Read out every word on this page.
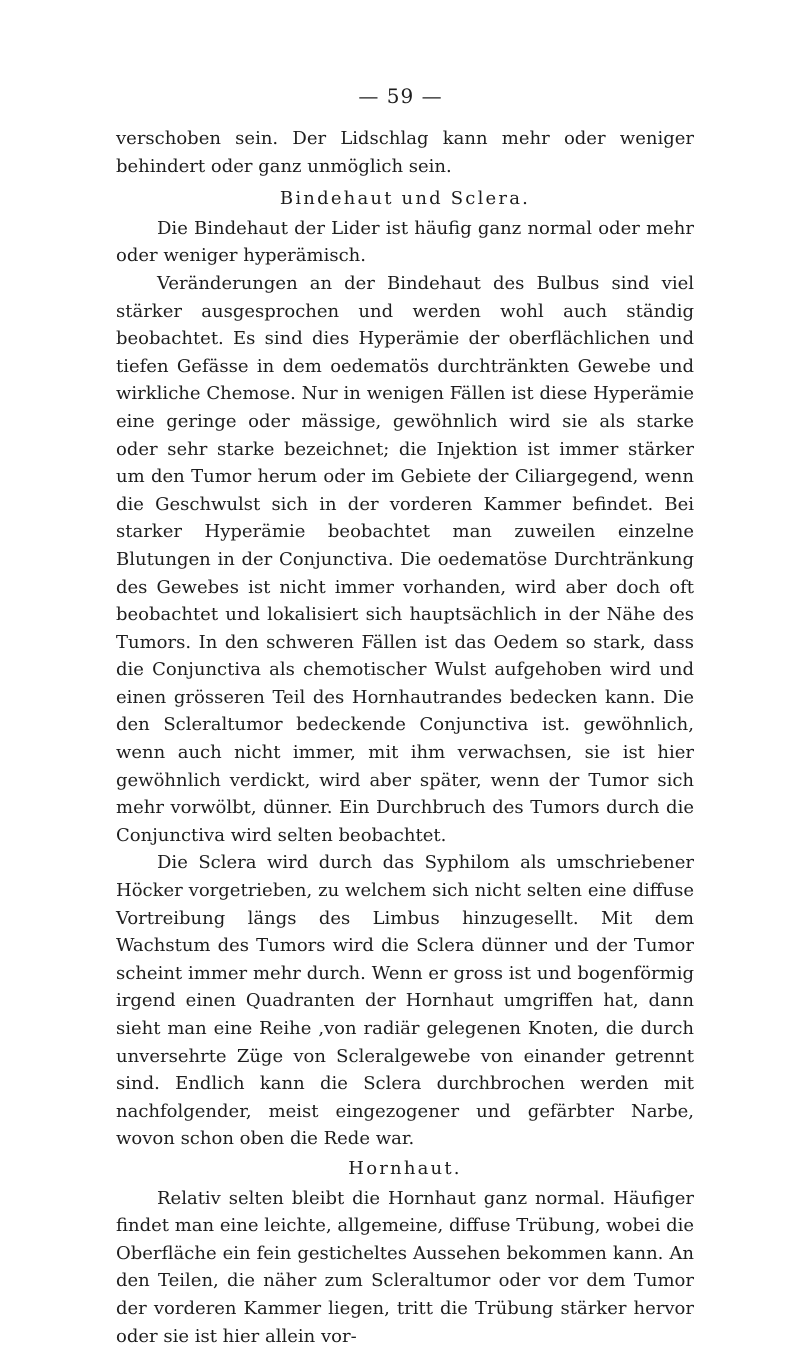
— 59 —

verschoben sein. Der Lidschlag kann mehr oder weniger behindert oder ganz unmöglich sein.

Bindehaut und Sclera.

Die Bindehaut der Lider ist häufig ganz normal oder mehr oder weniger hyperämisch.

Veränderungen an der Bindehaut des Bulbus sind viel stärker ausgesprochen und werden wohl auch ständig beobachtet. Es sind dies Hyperämie der oberflächlichen und tiefen Gefässe in dem oedematös durchtränkten Gewebe und wirkliche Chemose. Nur in wenigen Fällen ist diese Hyperämie eine geringe oder mässige, gewöhnlich wird sie als starke oder sehr starke bezeichnet; die Injektion ist immer stärker um den Tumor herum oder im Gebiete der Ciliargegend, wenn die Geschwulst sich in der vorderen Kammer befindet. Bei starker Hyperämie beobachtet man zuweilen einzelne Blutungen in der Conjunctiva. Die oedematöse Durchtränkung des Gewebes ist nicht immer vorhanden, wird aber doch oft beobachtet und lokalisiert sich hauptsächlich in der Nähe des Tumors. In den schweren Fällen ist das Oedem so stark, dass die Conjunctiva als chemotischer Wulst aufgehoben wird und einen grösseren Teil des Hornhautrandes bedecken kann. Die den Scleraltumor bedeckende Conjunctiva ist. gewöhnlich, wenn auch nicht immer, mit ihm verwachsen, sie ist hier gewöhnlich verdickt, wird aber später, wenn der Tumor sich mehr vorwölbt, dünner. Ein Durchbruch des Tumors durch die Conjunctiva wird selten beobachtet.

Die Sclera wird durch das Syphilom als umschriebener Höcker vorgetrieben, zu welchem sich nicht selten eine diffuse Vortreibung längs des Limbus hinzugesellt. Mit dem Wachstum des Tumors wird die Sclera dünner und der Tumor scheint immer mehr durch. Wenn er gross ist und bogenförmig irgend einen Quadranten der Hornhaut umgriffen hat, dann sieht man eine Reihe ‚von radiär gelegenen Knoten, die durch unversehrte Züge von Scleralgewebe von einander getrennt sind. Endlich kann die Sclera durchbrochen werden mit nachfolgender, meist eingezogener und gefärbter Narbe, wovon schon oben die Rede war.

Hornhaut.

Relativ selten bleibt die Hornhaut ganz normal. Häufiger findet man eine leichte, allgemeine, diffuse Trübung, wobei die Oberfläche ein fein gesticheltes Aussehen bekommen kann. An den Teilen, die näher zum Scleraltumor oder vor dem Tumor der vorderen Kammer liegen, tritt die Trübung stärker hervor oder sie ist hier allein vor-
